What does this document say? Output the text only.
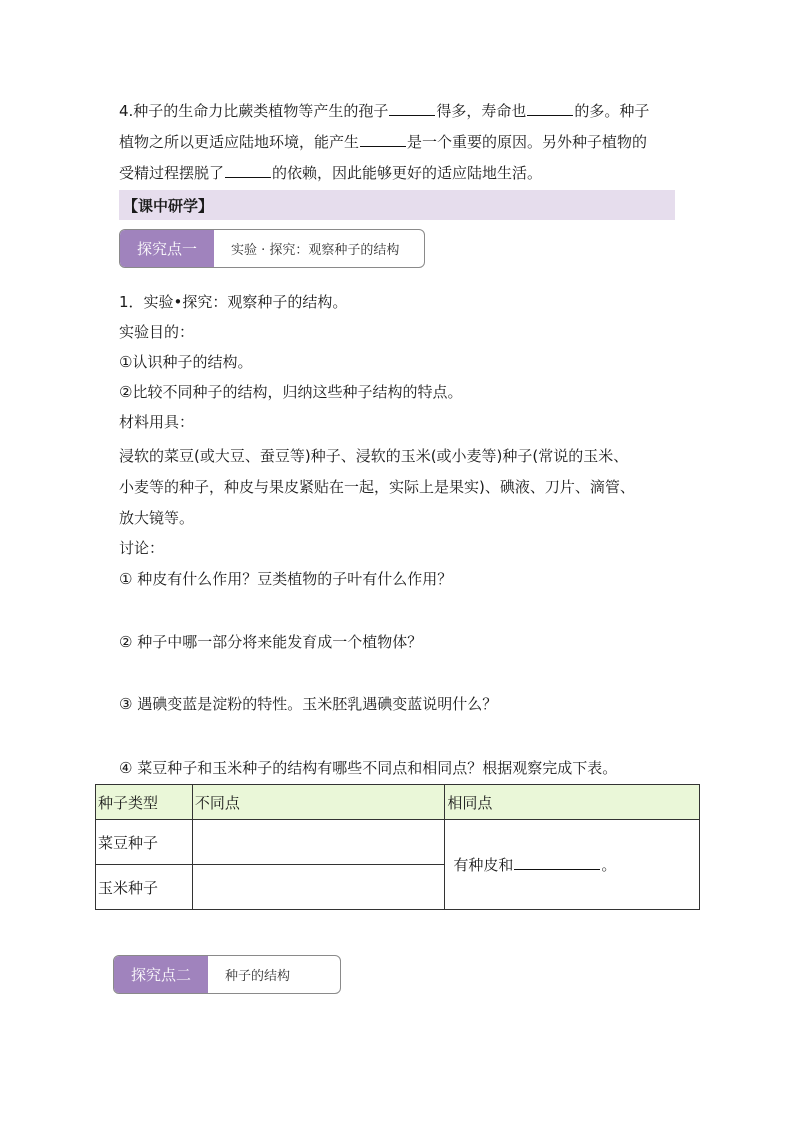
4.种子的生命力比蕨类植物等产生的孢子	得多，寿命也	的多。种子
植物之所以更适应陆地环境，能产生	是一个重要的原因。另外种子植物的
受精过程摆脱了	的依赖，因此能够更好的适应陆地生活。
【课中研学】
探究点一	实验 · 探究：观察种子的结构
1．实验•探究：观察种子的结构。
实验目的：
①认识种子的结构。
②比较不同种子的结构，归纳这些种子结构的特点。
材料用具：
浸软的菜豆(或大豆、蚕豆等)种子、浸软的玉米(或小麦等)种子(常说的玉米、
小麦等的种子，种皮与果皮紧贴在一起，实际上是果实)、碘液、刀片、滴管、
放大镜等。
讨论：
① 种皮有什么作用？豆类植物的子叶有什么作用？
② 种子中哪一部分将来能发育成一个植物体？
③ 遇碘变蓝是淀粉的特性。玉米胚乳遇碘变蓝说明什么？
④ 菜豆种子和玉米种子的结构有哪些不同点和相同点？根据观察完成下表。
种子类型	不同点	相同点
菜豆种子		有种皮和 。
玉米种子		
探究点二	种子的结构
